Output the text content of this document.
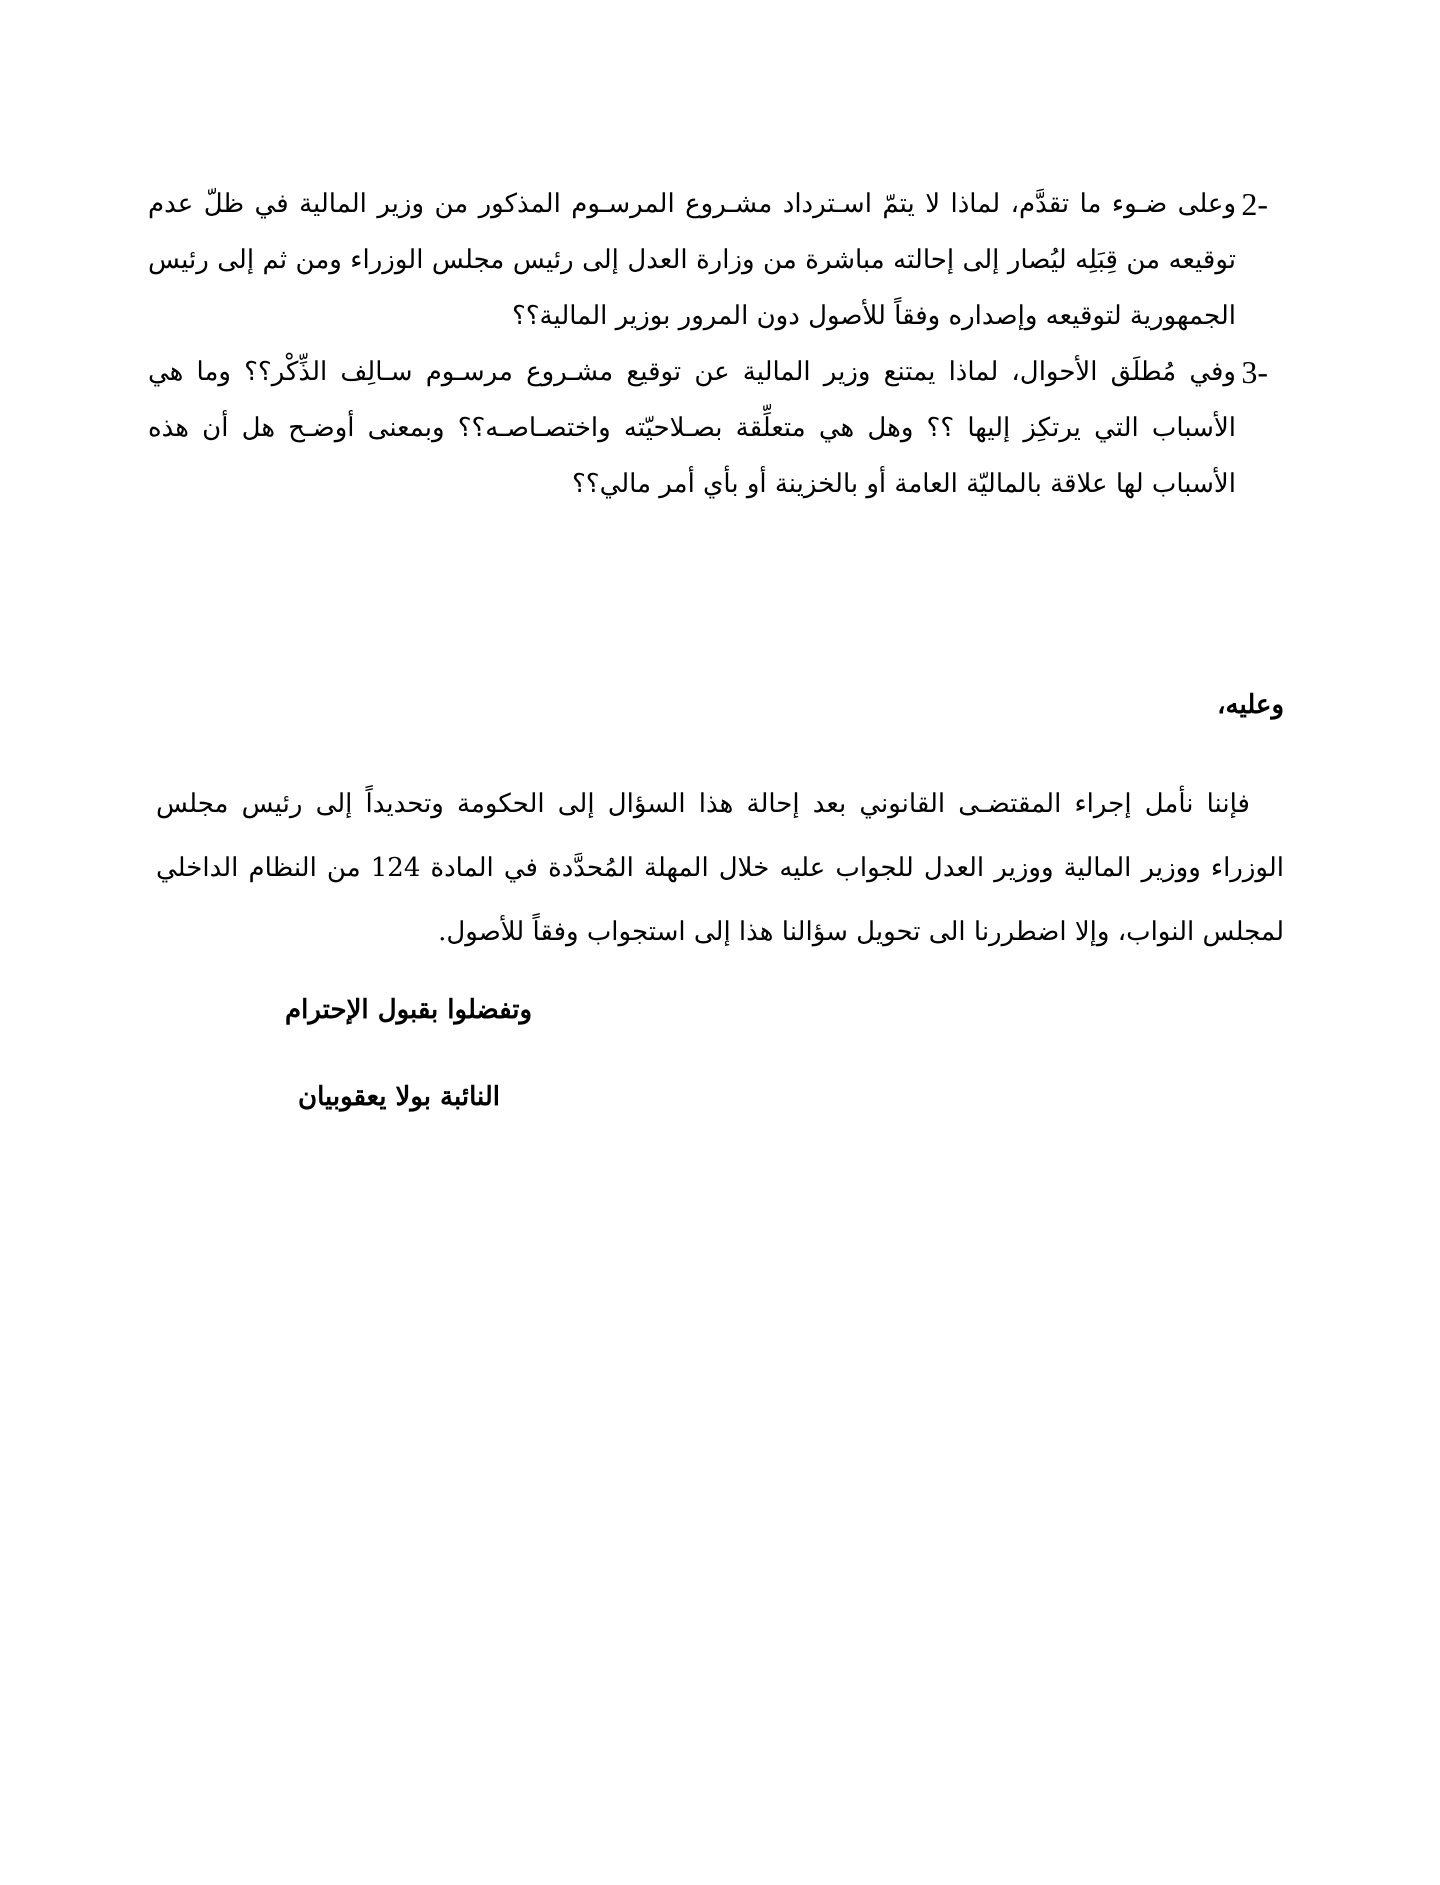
2-
وعلى ضـوء ما تقدَّم، لماذا لا يتمّ اسـترداد مشـروع المرسـوم المذكور من وزير المالية في ظلّ عدم توقيعه من قِبَلِه ليُصار إلى إحالته مباشرة من وزارة العدل إلى رئيس مجلس الوزراء ومن ثم إلى رئيس الجمهورية لتوقيعه وإصداره وفقاً للأصول دون المرور بوزير المالية؟؟
3-
وفي مُطلَق الأحوال، لماذا يمتنع وزير المالية عن توقيع مشـروع مرسـوم سـالِف الذِّكْر؟؟ وما هي الأسباب التي يرتكِز إليها ؟؟ وهل هي متعلِّقة بصـلاحيّته واختصـاصـه؟؟ وبمعنى أوضـح هل أن هذه الأسباب لها علاقة بالماليّة العامة أو بالخزينة أو بأي أمر مالي؟؟
وعليه،
فإننا نأمل إجراء المقتضـى القانوني بعد إحالة هذا السؤال إلى الحكومة وتحديداً إلى رئيس مجلس الوزراء ووزير المالية ووزير العدل للجواب عليه خلال المهلة المُحدَّدة في المادة 124 من النظام الداخلي لمجلس النواب، وإلا اضطررنا الى تحويل سؤالنا هذا إلى استجواب وفقاً للأصول.
وتفضلوا بقبول الإحترام
النائبة بولا يعقوبيان
